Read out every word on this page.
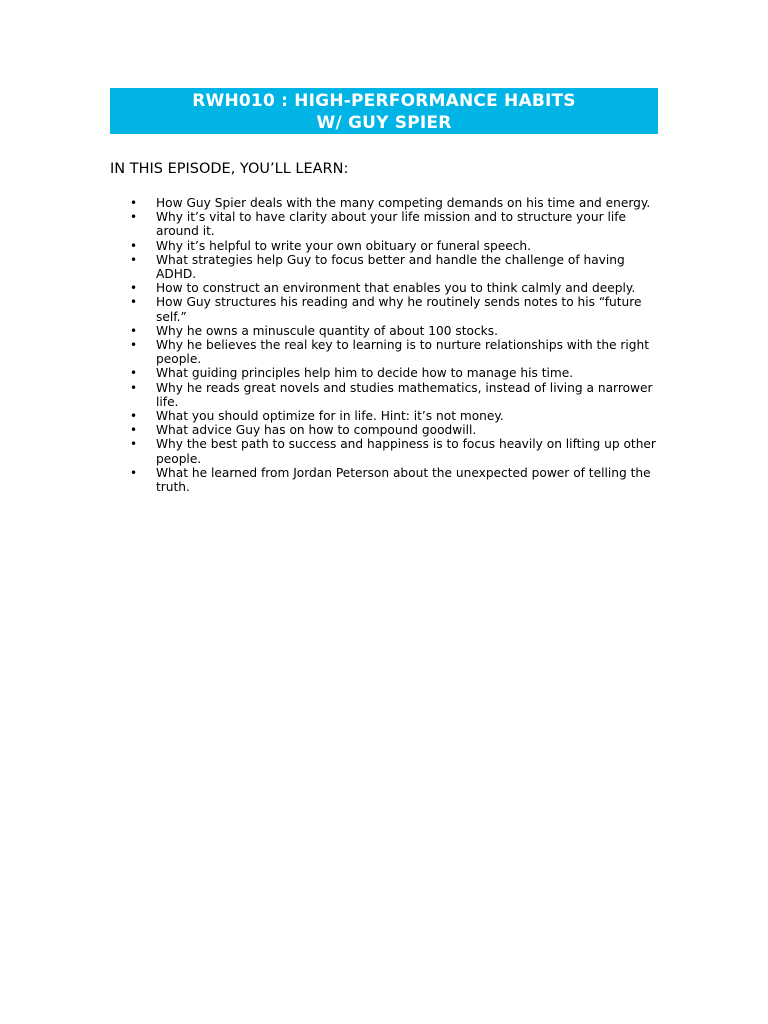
RWH010 : HIGH-PERFORMANCE HABITS
W/ GUY SPIER
IN THIS EPISODE, YOU’LL LEARN:
• How Guy Spier deals with the many competing demands on his time and energy.
• Why it’s vital to have clarity about your life mission and to structure your life around it.
• Why it’s helpful to write your own obituary or funeral speech.
• What strategies help Guy to focus better and handle the challenge of having ADHD.
• How to construct an environment that enables you to think calmly and deeply.
• How Guy structures his reading and why he routinely sends notes to his “future self.”
• Why he owns a minuscule quantity of about 100 stocks.
• Why he believes the real key to learning is to nurture relationships with the right people.
• What guiding principles help him to decide how to manage his time.
• Why he reads great novels and studies mathematics, instead of living a narrower life.
• What you should optimize for in life. Hint: it’s not money.
• What advice Guy has on how to compound goodwill.
• Why the best path to success and happiness is to focus heavily on lifting up other people.
• What he learned from Jordan Peterson about the unexpected power of telling the truth.
